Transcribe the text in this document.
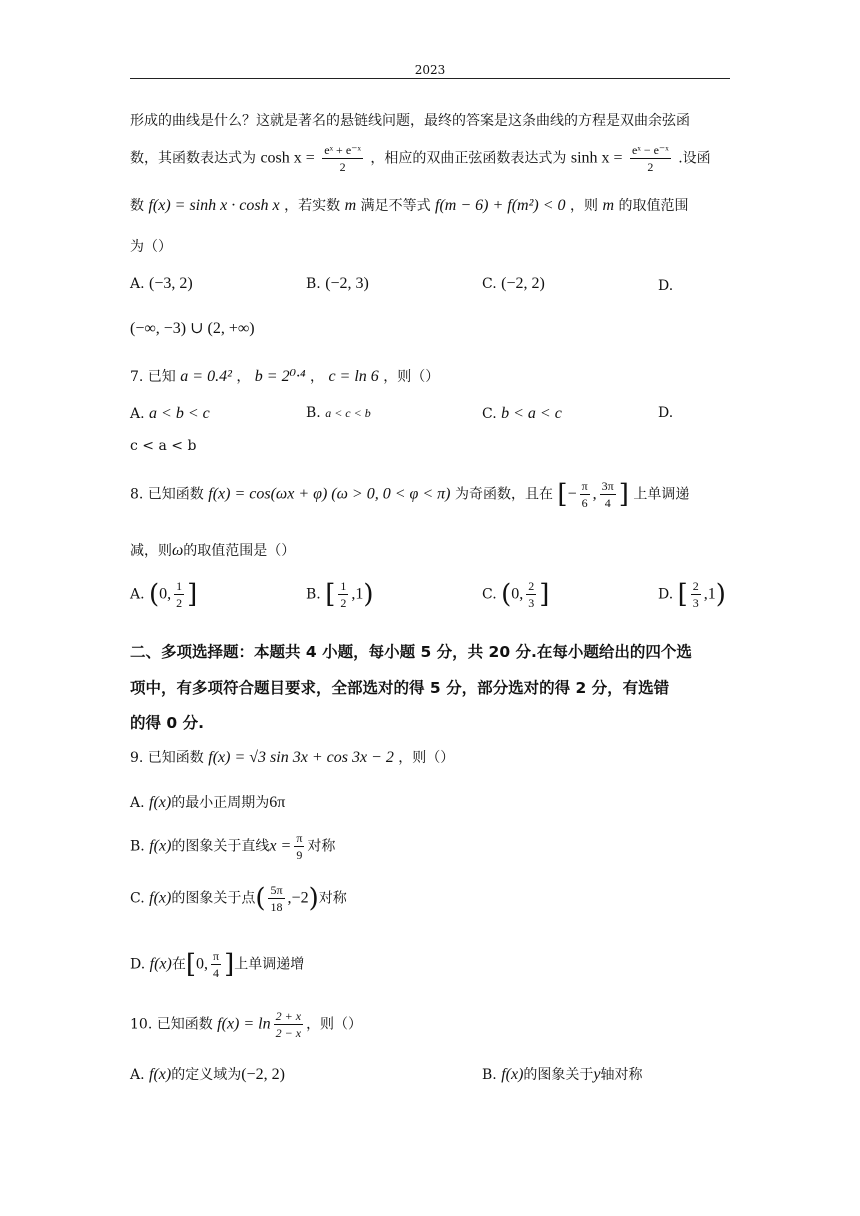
2023
形成的曲线是什么？这就是著名的悬链线问题，最终的答案是这条曲线的方程是双曲余弦函
数，其函数表达式为 $\cosh x = \frac{\text{eˣ + e⁻ˣ}}{2}$ ，相应的双曲正弦函数表达式为 $\sinh x = \frac{\text{eˣ − e⁻ˣ}}{2}$ .设函
数 f(x) = sinh x · cosh x ，若实数 m 满足不等式 f(m − 6) + f(m²) < 0 ，则 m 的取值范围
为（）
A. (−3, 2)	B. (−2, 3)	C. (−2, 2)	D.
(−∞, −3) ∪ (2, +∞)
7. 已知 a = 0.4² ， b = 2⁰·⁴ ， c = ln 6 ，则（）
A. a < b < c	B. a < c < b	C. b < a < c	D.
c < a < b
8. 已知函数 f(x) = cos(ωx + φ) (ω > 0, 0 < φ < π) 为奇函数，且在 [− $\frac{\pi}{6}$ , $\frac{3\pi}{4}$ ] 上单调递
减，则ω的取值范围是（）
A. (0, $\frac{1}{2}$ ]	B. [ $\frac{1}{2} ,1$)	C. (0, $\frac{2}{3}$ ]	D. [ $\frac{2}{3} ,1$)
二、多项选择题：本题共 4 小题，每小题 5 分，共 20 分.在每小题给出的四个选
项中，有多项符合题目要求，全部选对的得 5 分，部分选对的得 2 分，有选错
的得 0 分.
9. 已知函数 f(x) = √3 sin 3x + cos 3x − 2 ，则（）
A. f(x)的最小正周期为6π
B. f(x)的图象关于直线$x = \frac{\pi}{9}$ 对称
C. f(x)的图象关于点( $\frac{5\pi}{18} ,-2$)对称
D. f(x)在[0, $\frac{\pi}{4}$ ]上单调递增
10. 已知函数 $f(x) = \ln \frac{2 + x}{2 - x}$ ，则（）
A. f(x)的定义域为(−2, 2)	B. f(x)的图象关于y轴对称
